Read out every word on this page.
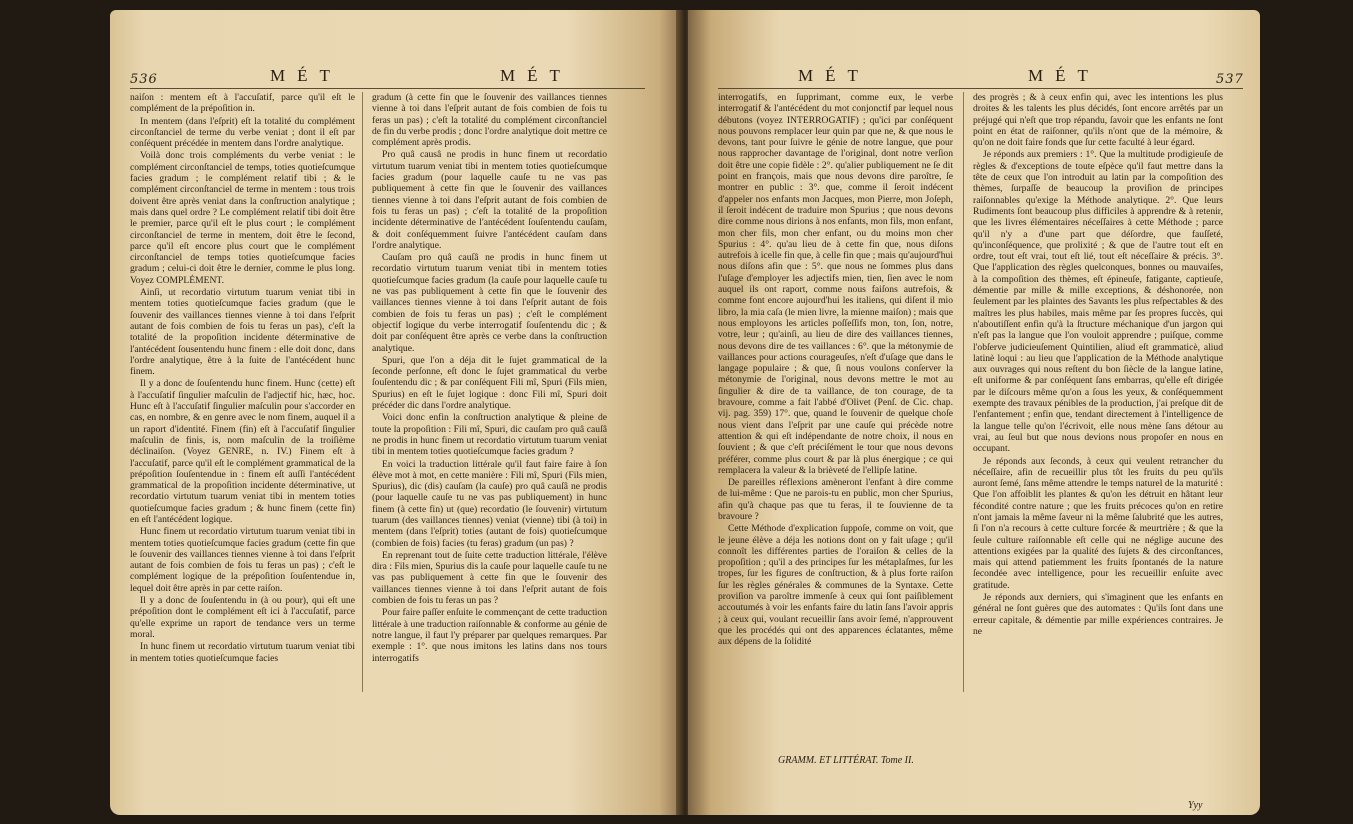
536	MÉT	MÉT

naiſon : mentem eſt à l'accuſatif, parce qu'il eſt le complément de la prépoſition in.

In mentem (dans l'eſprit) eſt la totalité du complément circonſtanciel de terme du verbe veniat ; dont il eſt par conſéquent précédée in mentem dans l'ordre analytique.

Voilà donc trois compléments du verbe veniat : le complément circonſtanciel de temps, toties quotieſcumque facies gradum ; le complément relatif tibi ; & le complément circonſtanciel de terme in mentem : tous trois doivent être après veniat dans la conſtruction analytique ; mais dans quel ordre ? Le complément relatif tibi doit être le premier, parce qu'il eſt le plus court ; le complément circonſtanciel de terme in mentem, doit être le ſecond, parce qu'il eſt encore plus court que le complément circonſtanciel de temps toties quotieſcumque facies gradum ; celui-ci doit être le dernier, comme le plus long. Voyez COMPLÉMENT.

Ainſi, ut recordatio virtutum tuarum veniat tibi in mentem toties quotieſcumque facies gradum (que le ſouvenir des vaillances tiennes vienne à toi dans l'eſprit autant de fois combien de fois tu feras un pas), c'eſt la totalité de la propoſition incidente déterminative de l'antécédent ſousentendu hunc finem : elle doit donc, dans l'ordre analytique, être à la ſuite de l'antécédent hunc finem.

Il y a donc de ſouſentendu hunc finem. Hunc (cette) eſt à l'accuſatif ſingulier maſculin de l'adjectif hic, hæc, hoc. Hunc eſt à l'accuſatif ſingulier maſculin pour s'accorder en cas, en nombre, & en genre avec le nom finem, auquel il a un raport d'identité. Finem (fin) eſt à l'accuſatif ſingulier maſculin de finis, is, nom maſculin de la troiſième déclinaiſon. (Voyez GENRE, n. IV.) Finem eſt à l'accuſatif, parce qu'il eſt le complément grammatical de la prépoſition ſouſentendue in : finem eſt auſſi l'antécédent grammatical de la propoſition incidente déterminative, ut recordatio virtutum tuarum veniat tibi in mentem toties quotieſcumque facies gradum ; & hunc finem (cette fin) en eſt l'antécédent logique.

Hunc finem ut recordatio virtutum tuarum veniat tibi in mentem toties quotieſcumque facies gradum (cette fin que le ſouvenir des vaillances tiennes vienne à toi dans l'eſprit autant de fois combien de fois tu feras un pas) ; c'eſt le complément logique de la prépoſition ſouſentendue in, lequel doit être après in par cette raiſon.

Il y a donc de ſouſentendu in (à ou pour), qui eſt une prépoſition dont le complément eſt ici à l'accuſatif, parce qu'elle exprime un raport de tendance vers un terme moral.

In hunc finem ut recordatio virtutum tuarum veniat tibi in mentem toties quotieſcumque facies

gradum (à cette fin que le ſouvenir des vaillances tiennes vienne à toi dans l'eſprit autant de fois combien de fois tu feras un pas) ; c'eſt la totalité du complément circonſtanciel de fin du verbe prodis ; donc l'ordre analytique doit mettre ce complément après prodis.

Pro quâ causâ ne prodis in hunc finem ut recordatio virtutum tuarum veniat tibi in mentem toties quotieſcumque facies gradum (pour laquelle cauſe tu ne vas pas publiquement à cette fin que le ſouvenir des vaillances tiennes vienne à toi dans l'eſprit autant de fois combien de fois tu feras un pas) ; c'eſt la totalité de la propoſition incidente déterminative de l'antécédent ſouſentendu cauſam, & doit conſéquemment ſuivre l'antécédent cauſam dans l'ordre analytique.

Cauſam pro quâ cauſâ ne prodis in hunc finem ut recordatio virtutum tuarum veniat tibi in mentem toties quotieſcumque facies gradum (la cauſe pour laquelle cauſe tu ne vas pas publiquement à cette fin que le ſouvenir des vaillances tiennes vienne à toi dans l'eſprit autant de fois combien de fois tu feras un pas) ; c'eſt le complément objectif logique du verbe interrogatif ſouſentendu dic ; & doit par conſéquent être après ce verbe dans la conſtruction analytique.

Spuri, que l'on a déja dit le ſujet grammatical de la ſeconde perſonne, eſt donc le ſujet grammatical du verbe ſouſentendu dic ; & par conſéquent Fili mî, Spuri (Fils mien, Spurius) en eſt le ſujet logique : donc Fili mî, Spuri doit précéder dic dans l'ordre analytique.

Voici donc enfin la conſtruction analytique & pleine de toute la propoſition : Fili mî, Spuri, dic cauſam pro quâ cauſâ ne prodis in hunc finem ut recordatio virtutum tuarum veniat tibi in mentem toties quotieſcumque facies gradum ?

En voici la traduction littérale qu'il faut faire faire à ſon élève mot à mot, en cette manière : Fili mî, Spuri (Fils mien, Spurius), dic (dis) cauſam (la cauſe) pro quâ cauſâ ne prodis (pour laquelle cauſe tu ne vas pas publiquement) in hunc finem (à cette fin) ut (que) recordatio (le ſouvenir) virtutum tuarum (des vaillances tiennes) veniat (vienne) tibi (à toi) in mentem (dans l'eſprit) toties (autant de fois) quotieſcumque (combien de fois) facies (tu feras) gradum (un pas) ?

En reprenant tout de ſuite cette traduction littérale, l'élève dira : Fils mien, Spurius dis la cauſe pour laquelle cauſe tu ne vas pas publiquement à cette fin que le ſouvenir des vaillances tiennes vienne à toi dans l'eſprit autant de fois combien de fois tu feras un pas ?

Pour faire paſſer enſuite le commençant de cette traduction littérale à une traduction raiſonnable & conforme au génie de notre langue, il faut l'y préparer par quelques remarques. Par exemple : 1°. que nous imitons les latins dans nos tours interrogatifs

MÉT	MÉT	537

interrogatifs, en ſupprimant, comme eux, le verbe interrogatif & l'antécédent du mot conjonctif par lequel nous débutons (voyez INTERROGATIF) ; qu'ici par conſéquent nous pouvons remplacer leur quin par que ne, & que nous le devons, tant pour ſuivre le génie de notre langue, que pour nous rapprocher davantage de l'original, dont notre verſion doit être une copie fidèle : 2°. qu'alier publiquement ne ſe dit point en françois, mais que nous devons dire paroître, ſe montrer en public : 3°. que, comme il ſeroit indécent d'appeler nos enfants mon Jacques, mon Pierre, mon Joſeph, il ſeroit indécent de traduire mon Spurius ; que nous devons dire comme nous dirions à nos enfants, mon fils, mon enfant, mon cher fils, mon cher enfant, ou du moins mon cher Spurius : 4°. qu'au lieu de à cette fin que, nous diſons autrefois à icelle fin que, à celle fin que ; mais qu'aujourd'hui nous diſons afin que : 5°. que nous ne ſommes plus dans l'uſage d'employer les adjectifs mien, tien, ſien avec le nom auquel ils ont raport, comme nous faiſons autrefois, & comme font encore aujourd'hui les italiens, qui diſent il mio libro, la mia caſa (le mien livre, la mienne maiſon) ; mais que nous employons les articles poſſeſſifs mon, ton, ſon, notre, votre, leur ; qu'ainſi, au lieu de dire des vaillances tiennes, nous devons dire de tes vaillances : 6°. que la métonymie de vaillances pour actions courageuſes, n'eſt d'uſage que dans le langage populaire ; & que, ſi nous voulons conſerver la métonymie de l'original, nous devons mettre le mot au ſingulier & dire de ta vaillance, de ton courage, de ta bravoure, comme a fait l'abbé d'Olivet (Penſ. de Cic. chap. vij. pag. 359) 17°. que, quand le ſouvenir de quelque choſe nous vient dans l'eſprit par une cauſe qui précède notre attention & qui eſt indépendante de notre choix, il nous en ſouvient ; & que c'eſt préciſément le tour que nous devons préférer, comme plus court & par là plus énergique ; ce qui remplacera la valeur & la brièveté de l'ellipſe latine.

De pareilles réflexions amèneront l'enfant à dire comme de lui-même : Que ne parois-tu en public, mon cher Spurius, afin qu'à chaque pas que tu feras, il te ſouvienne de ta bravoure ?

Cette Méthode d'explication ſuppoſe, comme on voit, que le jeune élève a déja les notions dont on y fait uſage ; qu'il connoît les différentes parties de l'oraiſon & celles de la propoſition ; qu'il a des principes ſur les métaplaſmes, ſur les tropes, ſur les figures de conſtruction, & à plus forte raiſon ſur les règles générales & communes de la Syntaxe. Cette proviſion va paroître immenſe à ceux qui ſont paiſiblement accoutumés à voir les enfants faire du latin ſans l'avoir appris ; à ceux qui, voulant recueillir ſans avoir ſemé, n'approuvent que les procédés qui ont des apparences éclatantes, même aux dépens de la ſolidité

GRAMM. ET LITTÉRAT. Tome II.

des progrès ; & à ceux enfin qui, avec les intentions les plus droites & les talents les plus décidés, ſont encore arrêtés par un préjugé qui n'eſt que trop répandu, ſavoir que les enfants ne ſont point en état de raiſonner, qu'ils n'ont que de la mémoire, & qu'on ne doit faire fonds que ſur cette faculté à leur égard.

Je réponds aux premiers : 1°. Que la multitude prodigieuſe de règles & d'exceptions de toute eſpèce qu'il faut mettre dans la tête de ceux que l'on introduit au latin par la compoſition des thèmes, ſurpaſſe de beaucoup la proviſion de principes raiſonnables qu'exige la Méthode analytique. 2°. Que leurs Rudiments ſont beaucoup plus difficiles à apprendre & à retenir, que les livres élémentaires néceſſaires à cette Méthode ; parce qu'il n'y a d'une part que déſordre, que fauſſeté, qu'inconſéquence, que prolixité ; & que de l'autre tout eſt en ordre, tout eſt vrai, tout eſt lié, tout eſt néceſſaire & précis. 3°. Que l'application des règles quelconques, bonnes ou mauvaiſes, à la compoſition des thèmes, eſt épineuſe, fatigante, captieuſe, démentie par mille & mille exceptions, & déshonorée, non ſeulement par les plaintes des Savants les plus reſpectables & des maîtres les plus habiles, mais même par ſes propres ſuccès, qui n'aboutiſſent enfin qu'à la ſtructure méchanique d'un jargon qui n'eſt pas la langue que l'on vouloit apprendre ; puiſque, comme l'obſerve judicieuſement Quintilien, aliud eſt grammaticè, aliud latinè loqui : au lieu que l'application de la Méthode analytique aux ouvrages qui nous reſtent du bon ſiècle de la langue latine, eſt uniforme & par conſéquent ſans embarras, qu'elle eſt dirigée par le diſcours même qu'on a ſous les yeux, & conſéquemment exempte des travaux pénibles de la production, j'ai preſque dit de l'enfantement ; enfin que, tendant directement à l'intelligence de la langue telle qu'on l'écrivoit, elle nous mène ſans détour au vrai, au ſeul but que nous devions nous propoſer en nous en occupant.

Je réponds aux ſeconds, à ceux qui veulent retrancher du néceſſaire, afin de recueillir plus tôt les fruits du peu qu'ils auront ſemé, ſans même attendre le temps naturel de la maturité : Que l'on affoiblit les plantes & qu'on les détruit en hâtant leur fécondité contre nature ; que les fruits précoces qu'on en retire n'ont jamais la même ſaveur ni la même ſalubrité que les autres, ſi l'on n'a recours à cette culture forcée & meurtrière ; & que la ſeule culture raiſonnable eſt celle qui ne néglige aucune des attentions exigées par la qualité des ſujets & des circonſtances, mais qui attend patiemment les fruits ſpontanés de la nature ſecondée avec intelligence, pour les recueillir enſuite avec gratitude.

Je réponds aux derniers, qui s'imaginent que les enfants en général ne ſont guères que des automates : Qu'ils ſont dans une erreur capitale, & démentie par mille expériences contraires. Je ne

Yyy
